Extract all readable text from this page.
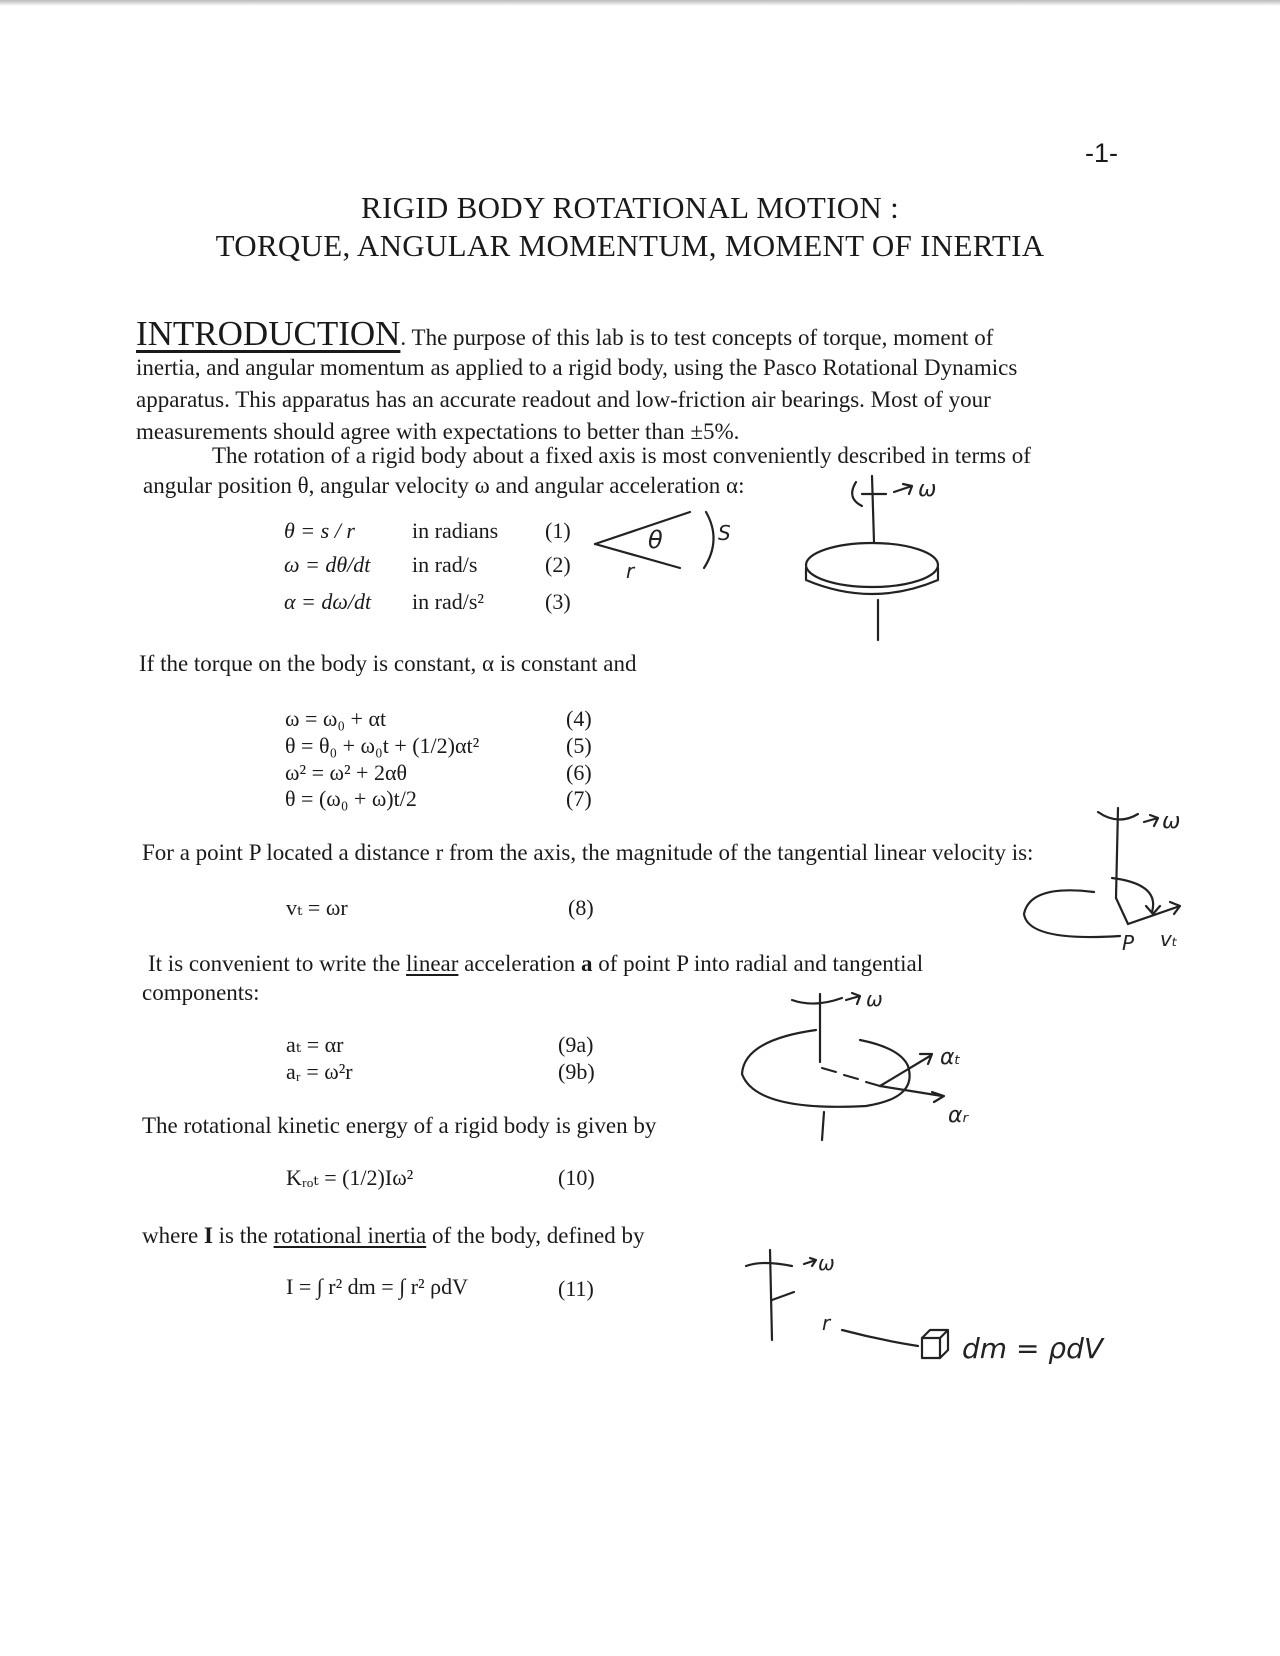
-1-
RIGID BODY ROTATIONAL MOTION :
TORQUE, ANGULAR MOMENTUM, MOMENT OF INERTIA
INTRODUCTION. The purpose of this lab is to test concepts of torque, moment of
inertia, and angular momentum as applied to a rigid body, using the Pasco Rotational Dynamics
apparatus. This apparatus has an accurate readout and low-friction air bearings. Most of your
measurements should agree with expectations to better than ±5%.
The rotation of a rigid body about a fixed axis is most conveniently described in terms of
angular position θ, angular velocity ω and angular acceleration α:
θ = s / r	in radians (1)
ω = dθ/dt in rad/s	(2)
α = dω/dt in rad/s²	(3)
If the torque on the body is constant, α is constant and
ω = ω₀ + αt	(4)
θ = θ₀ + ω₀t + (1/2)αt²	(5)
ω² = ω² + 2αθ	(6)
θ = (ω₀ + ω)t/2	(7)
For a point P located a distance r from the axis, the magnitude of the tangential linear velocity is:
vₜ = ωr	(8)
It is convenient to write the linear acceleration a of point P into radial and tangential
components:
aₜ = αr	(9a)
aᵣ = ω²r	(9b)
The rotational kinetic energy of a rigid body is given by
Kᵣₒₜ = (1/2)Iω²	(10)
where I is the rotational inertia of the body, defined by
I = ∫ r² dm = ∫ r² ρdV	(11)
θ	S
r
ω
ω
P vₜ
ω
αₜ
αᵣ
ω
r
dm = ρdV
